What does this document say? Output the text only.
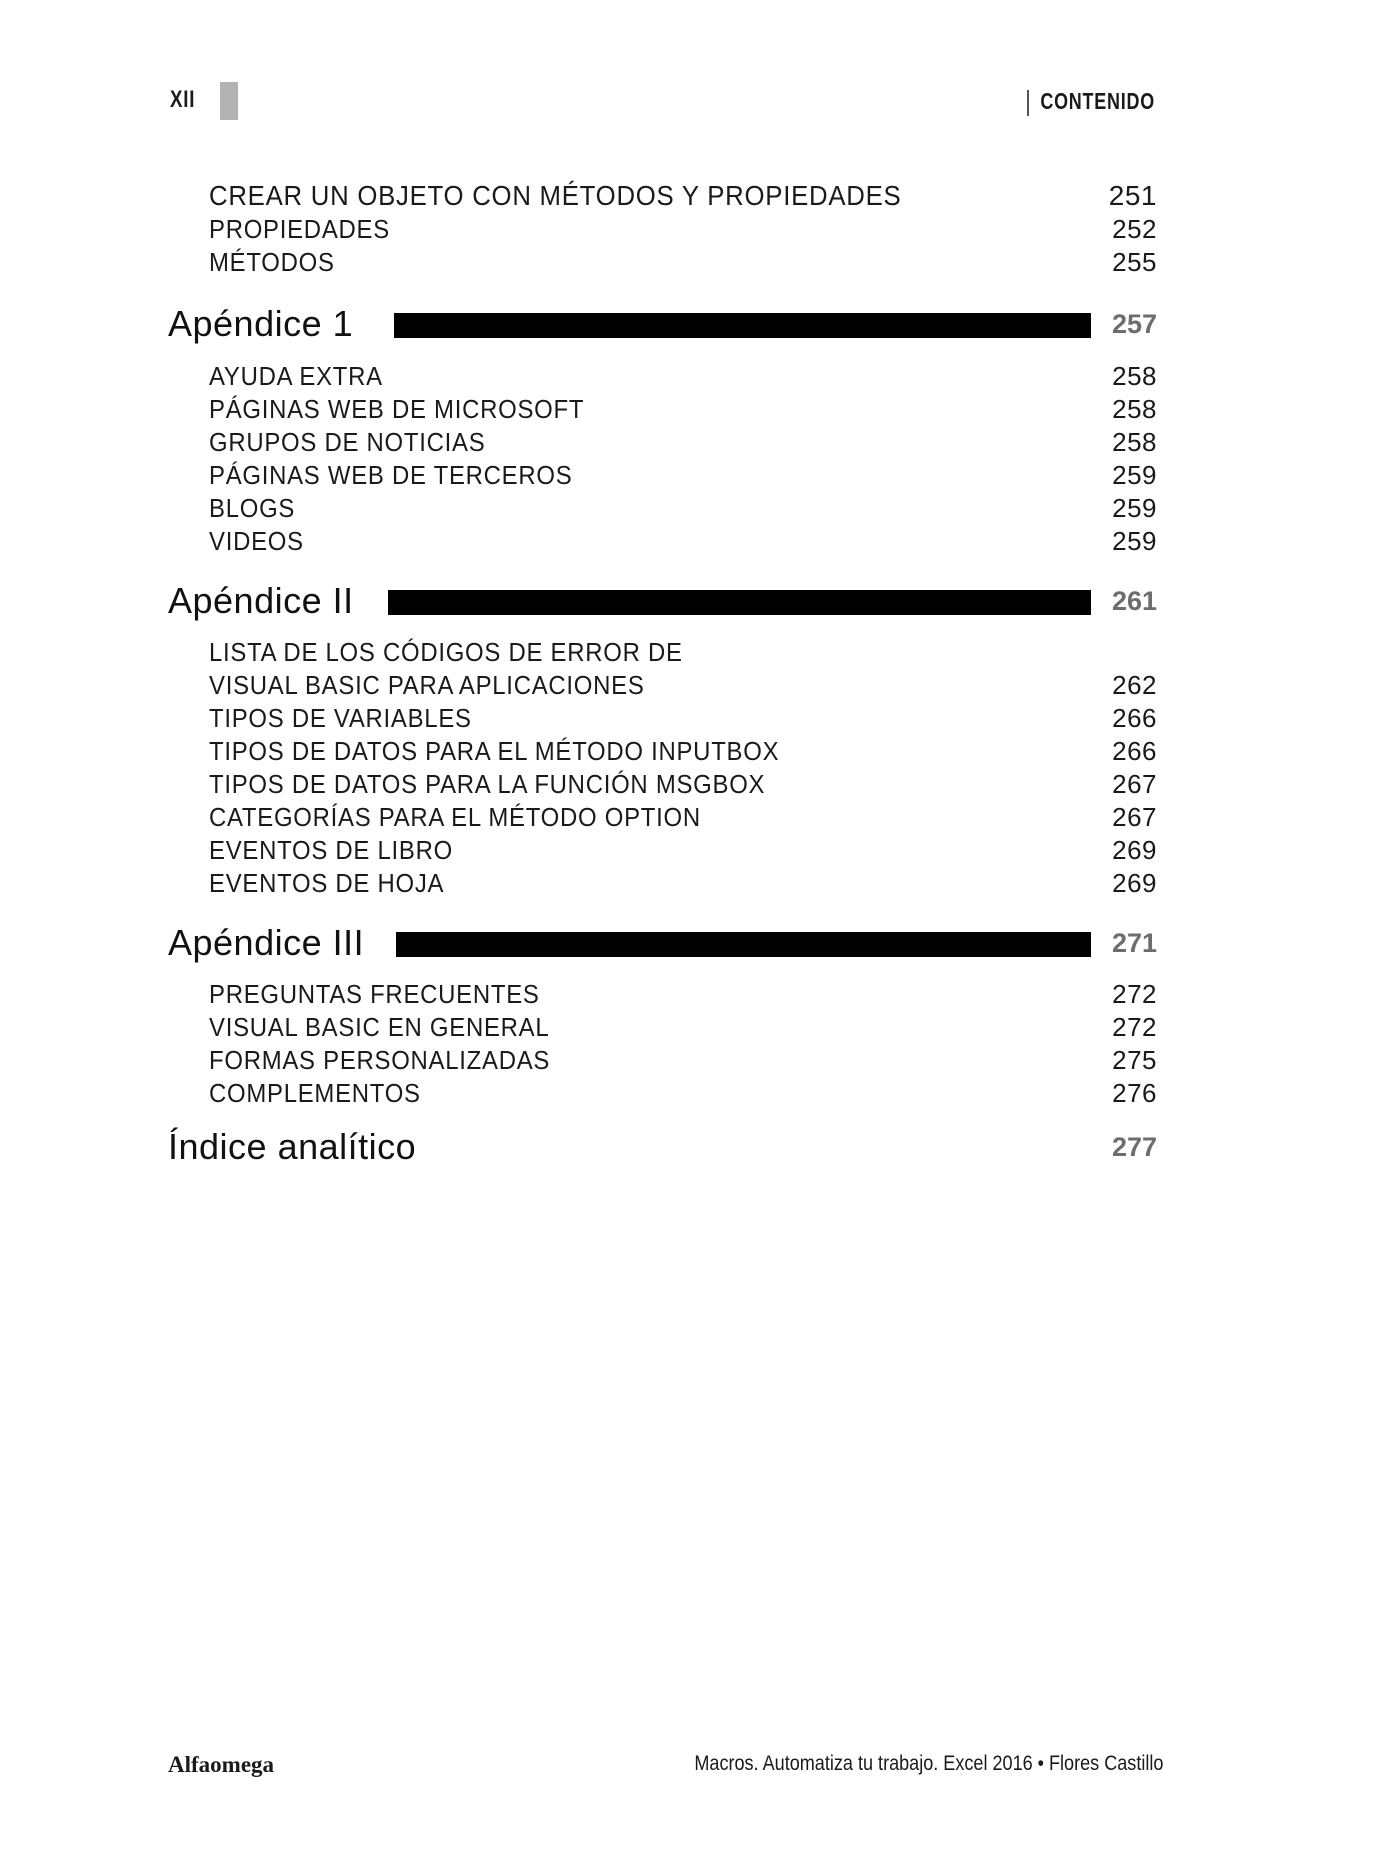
XII	CONTENIDO
CREAR UN OBJETO CON MÉTODOS Y PROPIEDADES	251
PROPIEDADES	252
MÉTODOS	255
Apéndice 1	257
AYUDA EXTRA	258
PÁGINAS WEB DE MICROSOFT	258
GRUPOS DE NOTICIAS	258
PÁGINAS WEB DE TERCEROS	259
BLOGS	259
VIDEOS	259
Apéndice II	261
LISTA DE LOS CÓDIGOS DE ERROR DE
VISUAL BASIC PARA APLICACIONES	262
TIPOS DE VARIABLES	266
TIPOS DE DATOS PARA EL MÉTODO INPUTBOX	266
TIPOS DE DATOS PARA LA FUNCIÓN MSGBOX	267
CATEGORÍAS PARA EL MÉTODO OPTION	267
EVENTOS DE LIBRO	269
EVENTOS DE HOJA	269
Apéndice III	271
PREGUNTAS FRECUENTES	272
VISUAL BASIC EN GENERAL	272
FORMAS PERSONALIZADAS	275
COMPLEMENTOS	276
Índice analítico	277
Alfaomega	Macros. Automatiza tu trabajo. Excel 2016 • Flores Castillo
